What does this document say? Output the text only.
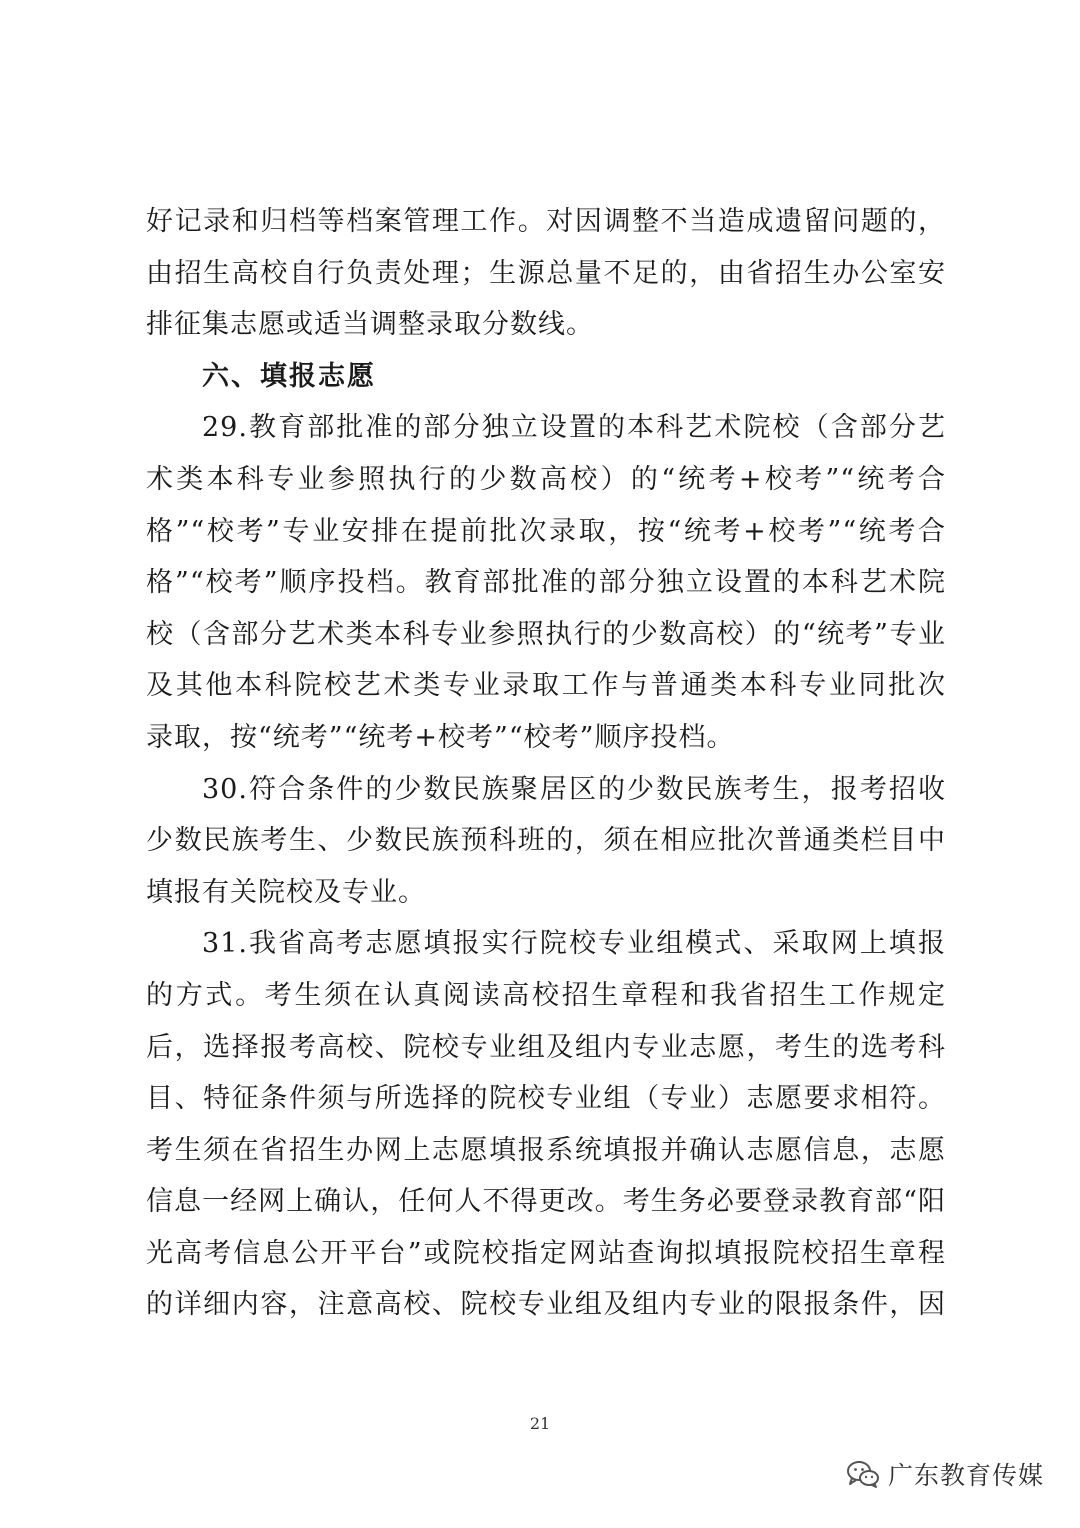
好记录和归档等档案管理工作。对因调整不当造成遗留问题的，
由招生高校自行负责处理；生源总量不足的，由省招生办公室安
排征集志愿或适当调整录取分数线。
六、填报志愿
29.教育部批准的部分独立设置的本科艺术院校（含部分艺
术类本科专业参照执行的少数高校）的“统考+校考”“统考合
格”“校考”专业安排在提前批次录取，按“统考+校考”“统考合
格”“校考”顺序投档。教育部批准的部分独立设置的本科艺术院
校（含部分艺术类本科专业参照执行的少数高校）的“统考”专业
及其他本科院校艺术类专业录取工作与普通类本科专业同批次
录取，按“统考”“统考+校考”“校考”顺序投档。
30.符合条件的少数民族聚居区的少数民族考生，报考招收
少数民族考生、少数民族预科班的，须在相应批次普通类栏目中
填报有关院校及专业。
31.我省高考志愿填报实行院校专业组模式、采取网上填报
的方式。考生须在认真阅读高校招生章程和我省招生工作规定
后，选择报考高校、院校专业组及组内专业志愿，考生的选考科
目、特征条件须与所选择的院校专业组（专业）志愿要求相符。
考生须在省招生办网上志愿填报系统填报并确认志愿信息，志愿
信息一经网上确认，任何人不得更改。考生务必要登录教育部“阳
光高考信息公开平台”或院校指定网站查询拟填报院校招生章程
的详细内容，注意高校、院校专业组及组内专业的限报条件，因
21
广东教育传媒
